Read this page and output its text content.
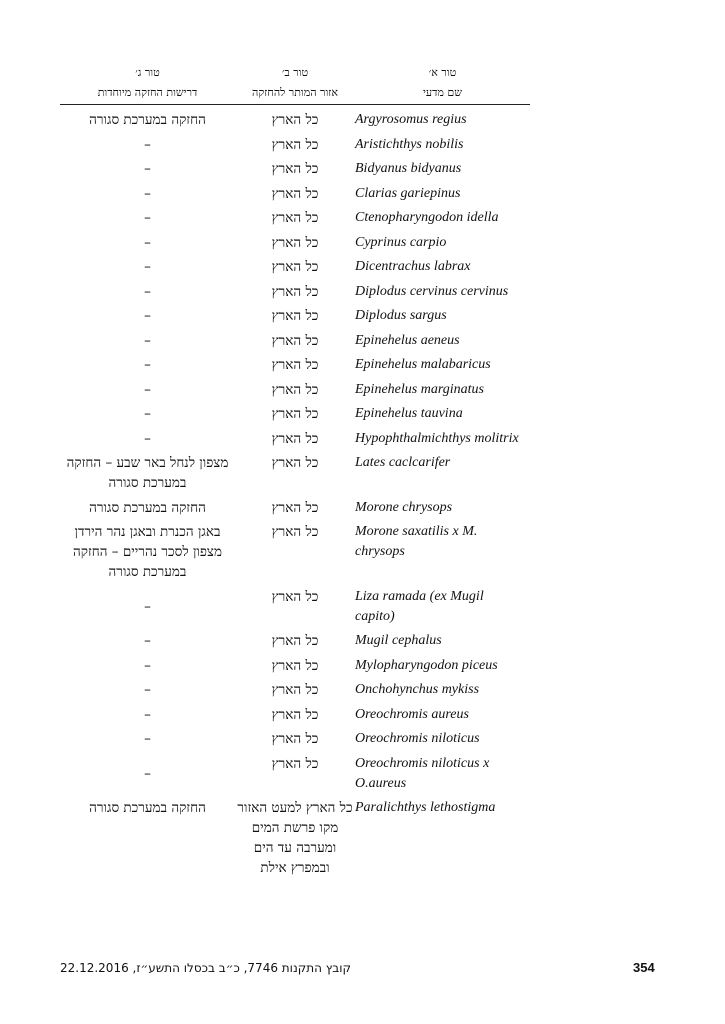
טור א׳
טור ב׳
טור ג׳
שם מדעי
אזור המותר להחזקה
דרישות החזקה מיוחדות
Argyrosomus regius
כל הארץ
החזקה במערכת סגורה
Aristichthys nobilis
כל הארץ
–
Bidyanus bidyanus
כל הארץ
–
Clarias gariepinus
כל הארץ
–
Ctenopharyngodon idella
כל הארץ
–
Cyprinus carpio
כל הארץ
–
Dicentrachus labrax
כל הארץ
–
Diplodus cervinus cervinus
כל הארץ
–
Diplodus sargus
כל הארץ
–
Epinehelus aeneus
כל הארץ
–
Epinehelus malabaricus
כל הארץ
–
Epinehelus marginatus
כל הארץ
–
Epinehelus tauvina
כל הארץ
–
Hypophthalmichthys molitrix
כל הארץ
–
Lates caclcarifer
כל הארץ
מצפון לנחל באר שבע – החזקה במערכת סגורה
Morone chrysops
כל הארץ
החזקה במערכת סגורה
Morone saxatilis x M. chrysops
כל הארץ
באגן הכנרת ובאגן נהר הירדן מצפון לסכר נהריים – החזקה במערכת סגורה
Liza ramada (ex Mugil capito)
כל הארץ
–
Mugil cephalus
כל הארץ
–
Mylopharyngodon piceus
כל הארץ
–
Onchohynchus mykiss
כל הארץ
–
Oreochromis aureus
כל הארץ
–
Oreochromis niloticus
כל הארץ
–
Oreochromis niloticus x O.aureus
כל הארץ
–
Paralichthys lethostigma
כל הארץ למעט האזור מקו פרשת המים ומערבה עד הים ובמפרץ אילת
החזקה במערכת סגורה
354
קובץ התקנות 7746, כ״ב בכסלו התשע״ז, 22.12.2016
